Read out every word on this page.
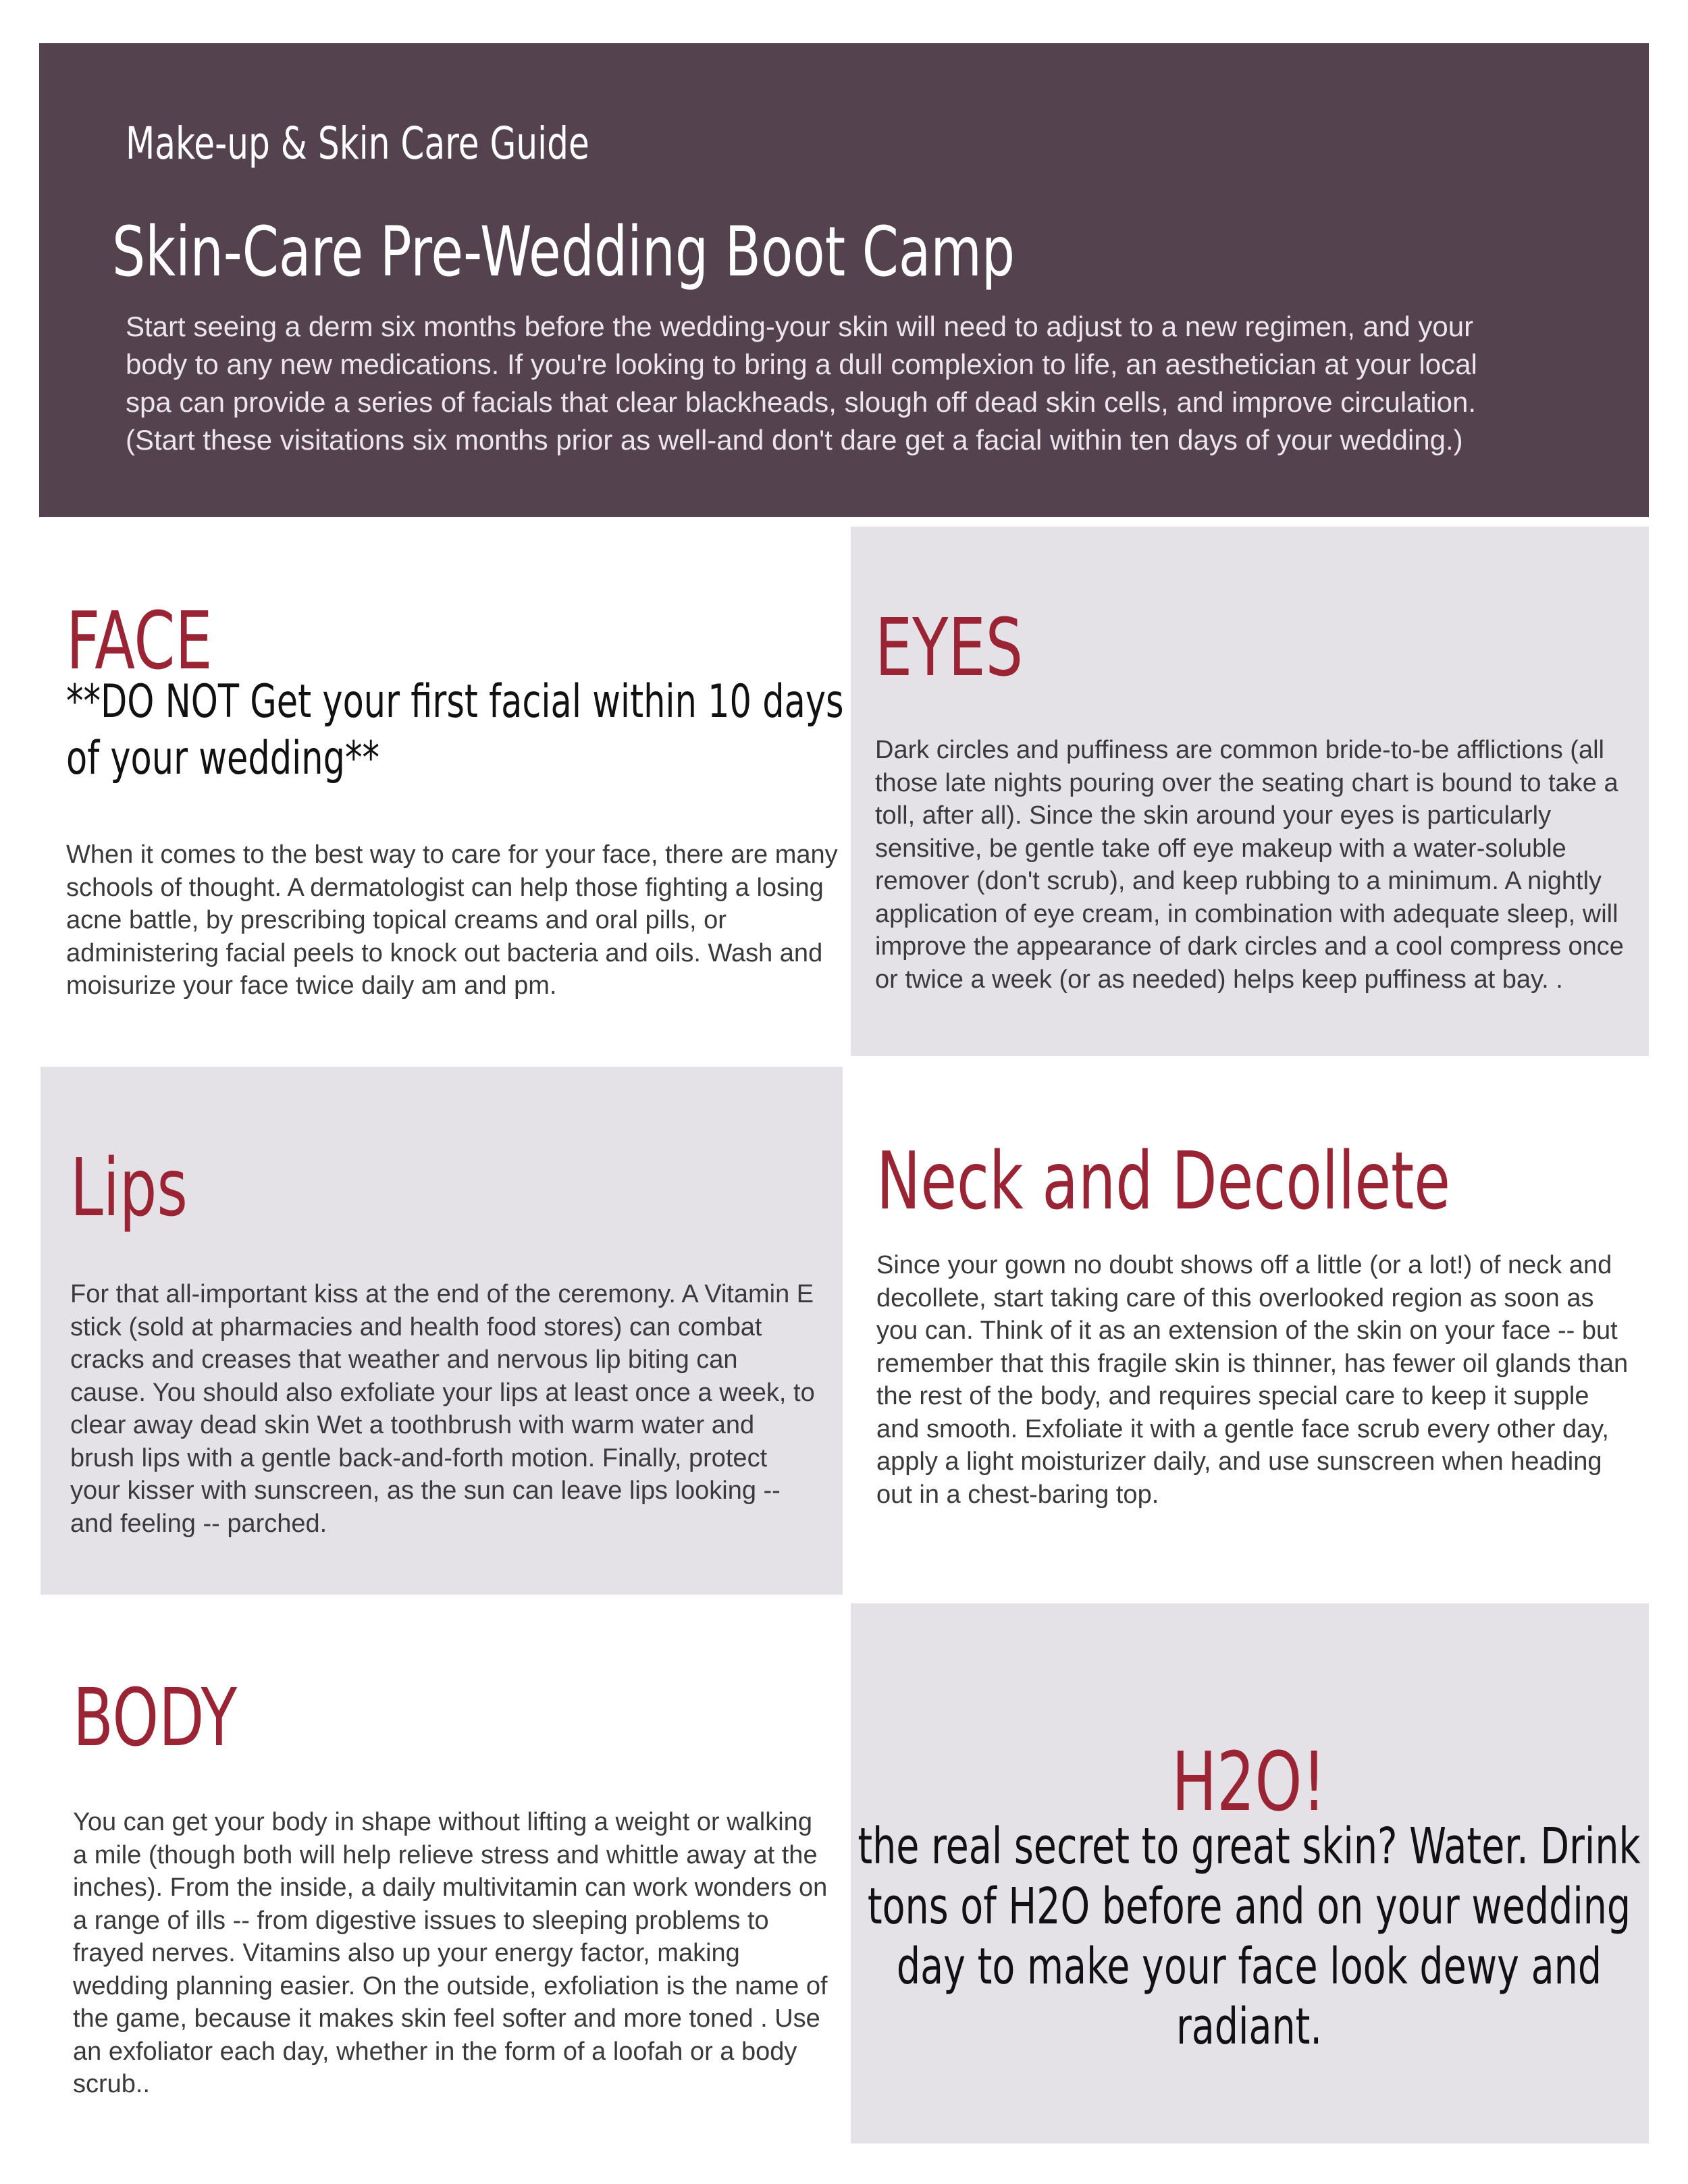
Make-up & Skin Care Guide
Skin-Care Pre-Wedding Boot Camp
Start seeing a derm six months before the wedding-your skin will need to adjust to a new regimen, and your body to any new medications. If you're looking to bring a dull complexion to life, an aesthetician at your local spa can provide a series of facials that clear blackheads, slough off dead skin cells, and improve circulation. (Start these visitations six months prior as well-and don't dare get a facial within ten days of your wedding.)
FACE
**DO NOT Get your first facial within 10 days of your wedding**
When it comes to the best way to care for your face, there are many schools of thought. A dermatologist can help those fighting a losing acne battle, by prescribing topical creams and oral pills, or administering facial peels to knock out bacteria and oils. Wash and moisurize your face twice daily am and pm.
EYES
Dark circles and puffiness are common bride-to-be afflictions (all those late nights pouring over the seating chart is bound to take a toll, after all). Since the skin around your eyes is particularly sensitive, be gentle take off eye makeup with a water-soluble remover (don't scrub), and keep rubbing to a minimum. A nightly application of eye cream, in combination with adequate sleep, will improve the appearance of dark circles and a cool compress once or twice a week (or as needed) helps keep puffiness at bay. .
Lips
For that all-important kiss at the end of the ceremony. A Vitamin E stick (sold at pharmacies and health food stores) can combat cracks and creases that weather and nervous lip biting can cause. You should also exfoliate your lips at least once a week, to clear away dead skin Wet a toothbrush with warm water and brush lips with a gentle back-and-forth motion. Finally, protect your kisser with sunscreen, as the sun can leave lips looking -- and feeling -- parched.
Neck and Decollete
Since your gown no doubt shows off a little (or a lot!) of neck and decollete, start taking care of this overlooked region as soon as you can. Think of it as an extension of the skin on your face -- but remember that this fragile skin is thinner, has fewer oil glands than the rest of the body, and requires special care to keep it supple and smooth. Exfoliate it with a gentle face scrub every other day, apply a light moisturizer daily, and use sunscreen when heading out in a chest-baring top.
BODY
You can get your body in shape without lifting a weight or walking a mile (though both will help relieve stress and whittle away at the inches). From the inside, a daily multivitamin can work wonders on a range of ills -- from digestive issues to sleeping problems to frayed nerves. Vitamins also up your energy factor, making wedding planning easier. On the outside, exfoliation is the name of the game, because it makes skin feel softer and more toned . Use an exfoliator each day, whether in the form of a loofah or a body scrub..
H2O!
the real secret to great skin? Water. Drink tons of H2O before and on your wedding day to make your face look dewy and radiant.
